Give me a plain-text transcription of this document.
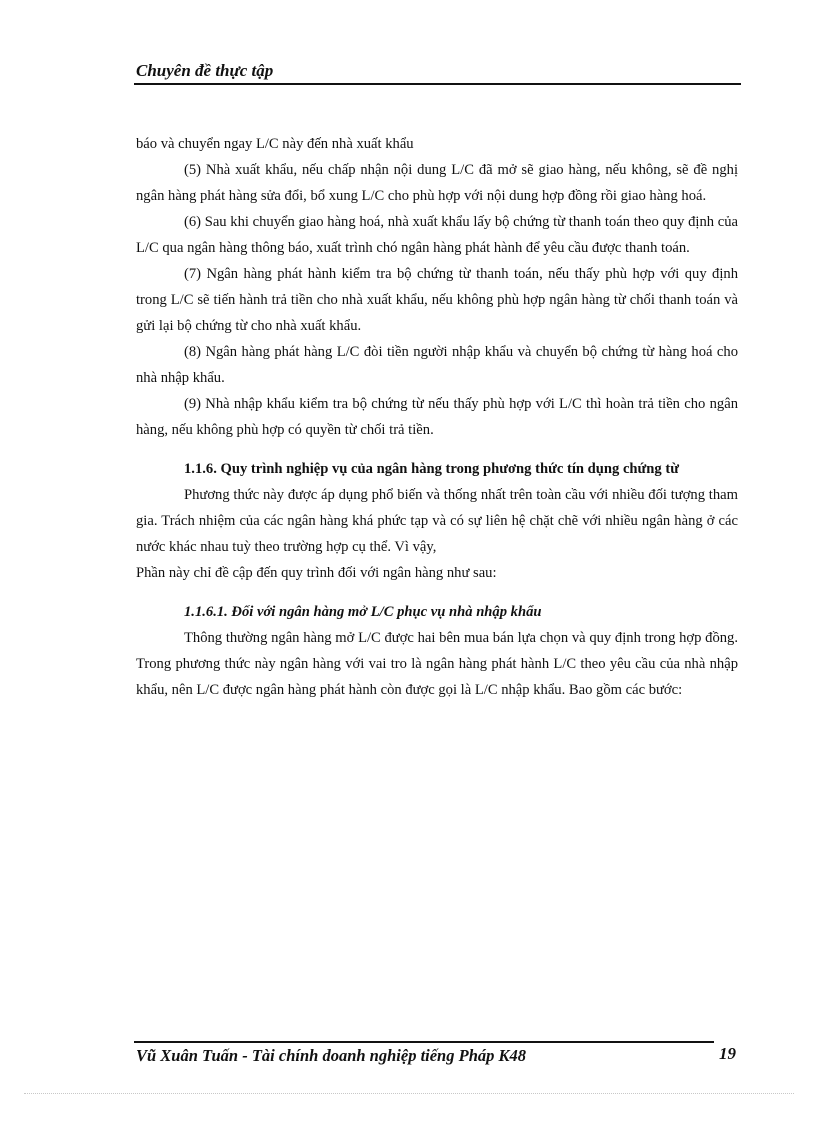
Chuyên đề thực tập

báo và chuyển ngay L/C này đến nhà xuất khẩu

(5) Nhà xuất khẩu, nếu chấp nhận nội dung L/C đã mở sẽ giao hàng, nếu không, sẽ đề nghị ngân hàng phát hàng sửa đổi, bổ xung L/C cho phù hợp với nội dung hợp đồng rồi giao hàng hoá.

(6) Sau khi chuyển giao hàng hoá, nhà xuất khẩu lấy bộ chứng từ thanh toán theo quy định của L/C qua ngân hàng thông báo, xuất trình chó ngân hàng phát hành để yêu cầu được thanh toán.

(7) Ngân hàng phát hành kiểm tra bộ chứng từ thanh toán, nếu thấy phù hợp với quy định trong L/C sẽ tiến hành trả tiền cho nhà xuất khẩu, nếu không phù hợp ngân hàng từ chối thanh toán và gửi lại bộ chứng từ cho nhà xuất khẩu.

(8) Ngân hàng phát hàng L/C đòi tiền người nhập khẩu và chuyển bộ chứng từ hàng hoá cho nhà nhập khẩu.

(9) Nhà nhập khẩu kiểm tra bộ chứng từ nếu thấy phù hợp với L/C thì hoàn trả tiền cho ngân hàng, nếu không phù hợp có quyền từ chối trả tiền.

1.1.6. Quy trình nghiệp vụ của ngân hàng trong phương thức tín dụng chứng từ

Phương thức này được áp dụng phổ biến và thống nhất trên toàn cầu với nhiều đối tượng tham gia. Trách nhiệm của các ngân hàng khá phức tạp và có sự liên hệ chặt chẽ với nhiều ngân hàng ở các nước khác nhau tuỳ theo trường hợp cụ thể. Vì vậy,

Phần này chỉ đề cập đến quy trình đối với ngân hàng như sau:

1.1.6.1. Đối với ngân hàng mở L/C phục vụ nhà nhập khẩu

Thông thường ngân hàng mở L/C được hai bên mua bán lựa chọn và quy định trong hợp đồng. Trong phương thức này ngân hàng với vai tro là ngân hàng phát hành L/C theo yêu cầu của nhà nhập khẩu, nên L/C được ngân hàng phát hành còn được gọi là L/C nhập khẩu. Bao gồm các bước:

Vũ Xuân Tuấn - Tài chính doanh nghiệp tiếng Pháp K48	19
